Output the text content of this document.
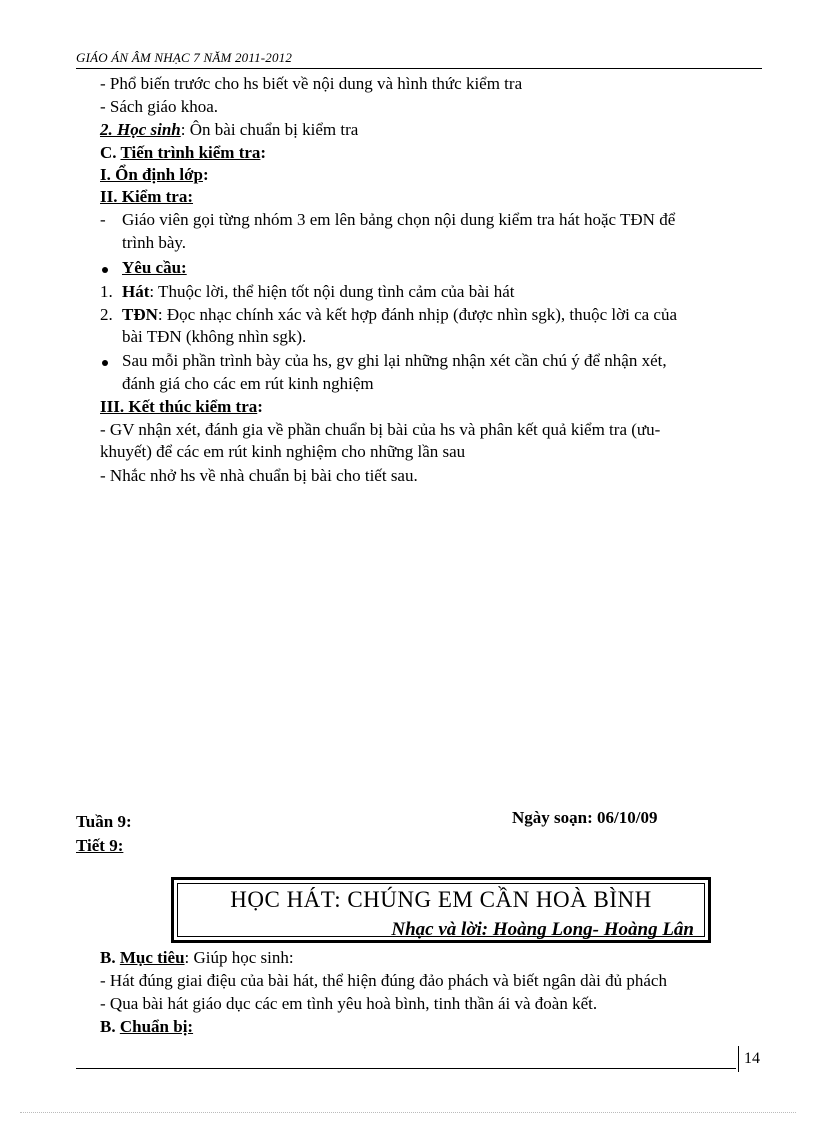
GIÁO ÁN ÂM NHẠC 7 NĂM 2011-2012
- Phổ biến trước cho hs biết về nội dung và hình thức kiểm tra
- Sách giáo khoa.
2. Học sinh: Ôn bài chuẩn bị kiểm tra
C. Tiến trình kiểm tra:
I. Ổn định lớp:
II. Kiểm tra:
- Giáo viên gọi từng nhóm 3 em lên bảng chọn nội dung kiểm tra hát hoặc TĐN để
trình bày.
Yêu cầu:
1. Hát: Thuộc lời, thể hiện tốt nội dung tình cảm của bài hát
2. TĐN: Đọc nhạc chính xác và kết hợp đánh nhịp (được nhìn sgk), thuộc lời ca của
bài TĐN (không nhìn sgk).
Sau mỗi phần trình bày của hs, gv ghi lại những nhận xét cần chú ý để nhận xét,
đánh giá cho các em rút kinh nghiệm
III. Kết thúc kiểm tra:
- GV nhận xét, đánh gia về phần chuẩn bị bài của hs và phân kết quả kiểm tra (ưu-
khuyết) để các em rút kinh nghiệm cho những lần sau
- Nhắc nhở hs về nhà chuẩn bị bài cho tiết sau.
Tuần 9:
Tiết 9:
Ngày soạn: 06/10/09
HỌC HÁT: CHÚNG EM CẦN HOÀ BÌNH
Nhạc và lời: Hoàng Long- Hoàng Lân
B. Mục tiêu: Giúp học sinh:
- Hát đúng giai điệu của bài hát, thể hiện đúng đảo phách và biết ngân dài đủ phách
- Qua bài hát giáo dục các em tình yêu hoà bình, tinh thần ái và đoàn kết.
B. Chuẩn bị:
14
